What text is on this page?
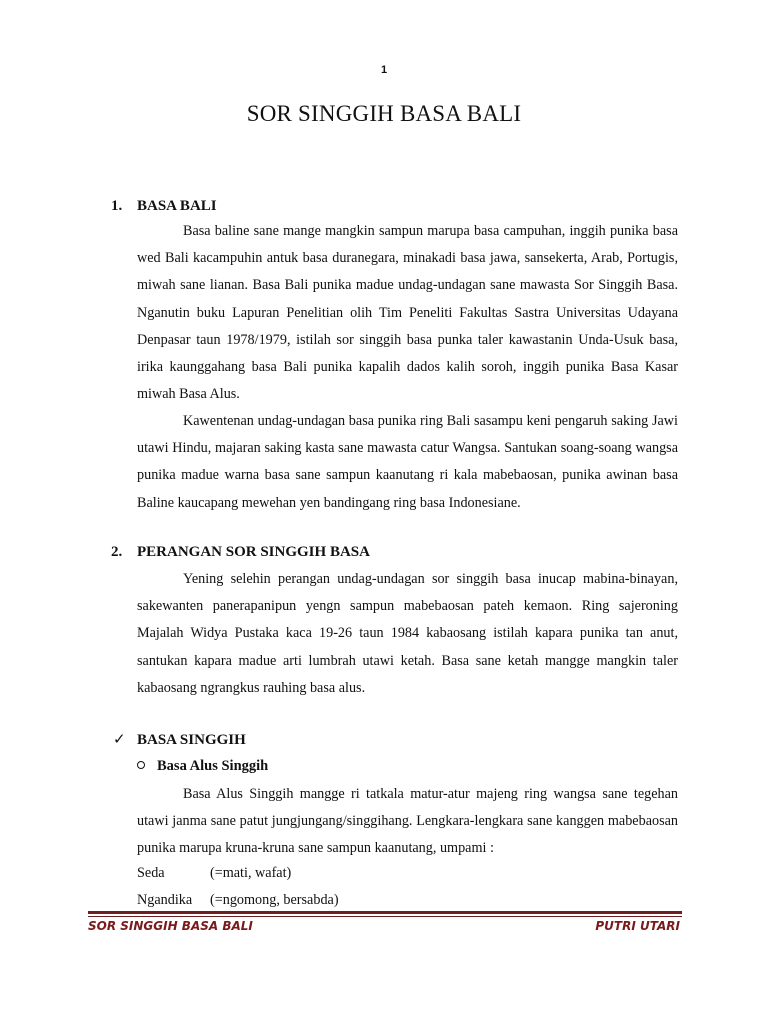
1
SOR SINGGIH BASA BALI
1. BASA BALI

Basa baline sane mange mangkin sampun marupa basa campuhan, inggih punika basa wed Bali kacampuhin antuk basa duranegara, minakadi basa jawa, sansekerta, Arab, Portugis, miwah sane lianan. Basa Bali punika madue undag-undagan sane mawasta Sor Singgih Basa. Nganutin buku Lapuran Penelitian olih Tim Peneliti Fakultas Sastra Universitas Udayana Denpasar taun 1978/1979, istilah sor singgih basa punka taler kawastanin Unda-Usuk basa, irika kaunggahang basa Bali punika kapalih dados kalih soroh, inggih punika Basa Kasar miwah Basa Alus.

Kawentenan undag-undagan basa punika ring Bali sasampu keni pengaruh saking Jawi utawi Hindu, majaran saking kasta sane mawasta catur Wangsa. Santukan soang-soang wangsa punika madue warna basa sane sampun kaanutang ri kala mabebaosan, punika awinan basa Baline kaucapang mewehan yen bandingang ring basa Indonesiane.

2. PERANGAN SOR SINGGIH BASA

Yening selehin perangan undag-undagan sor singgih basa inucap mabina-binayan, sakewanten panerapanipun yengn sampun mabebaosan pateh kemaon. Ring sajeroning Majalah Widya Pustaka kaca 19-26 taun 1984 kabaosang istilah kapara punika tan anut, santukan kapara madue arti lumbrah utawi ketah. Basa sane ketah mangge mangkin taler kabaosang ngrangkus rauhing basa alus.

✓ BASA SINGGIH
Basa Alus Singgih

Basa Alus Singgih mangge ri tatkala matur-atur majeng ring wangsa sane tegehan utawi janma sane patut jungjungang/singgihang. Lengkara-lengkara sane kanggen mabebaosan punika marupa kruna-kruna sane sampun kaanutang, umpami :

Seda	(=mati, wafat)
Ngandika (=ngomong, bersabda)
SOR SINGGIH BASA BALI	PUTRI UTARI
